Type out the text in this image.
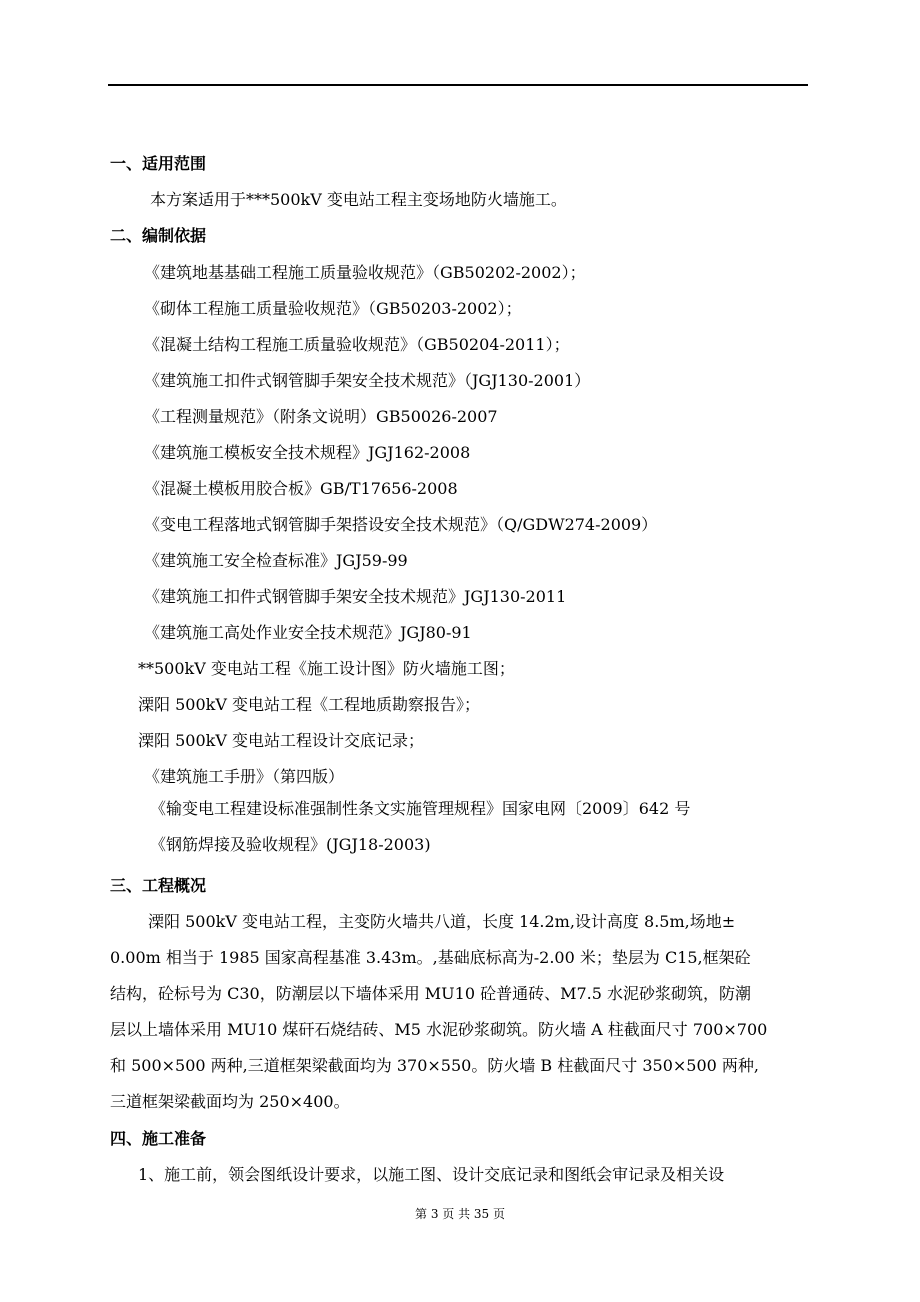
一、适用范围
本方案适用于***500kV 变电站工程主变场地防火墙施工。
二、编制依据
《建筑地基基础工程施工质量验收规范》（GB50202-2002）；
《砌体工程施工质量验收规范》（GB50203-2002）；
《混凝土结构工程施工质量验收规范》（GB50204-2011）；
《建筑施工扣件式钢管脚手架安全技术规范》（JGJ130-2001）
《工程测量规范》（附条文说明）GB50026-2007
《建筑施工模板安全技术规程》JGJ162-2008
《混凝土模板用胶合板》GB/T17656-2008
《变电工程落地式钢管脚手架搭设安全技术规范》（Q/GDW274-2009）
《建筑施工安全检查标准》JGJ59-99
《建筑施工扣件式钢管脚手架安全技术规范》JGJ130-2011
《建筑施工高处作业安全技术规范》JGJ80-91
**500kV 变电站工程《施工设计图》防火墙施工图；
溧阳 500kV 变电站工程《工程地质勘察报告》；
溧阳 500kV 变电站工程设计交底记录；
《建筑施工手册》（第四版）
《输变电工程建设标准强制性条文实施管理规程》国家电网〔2009〕642 号
《钢筋焊接及验收规程》(JGJ18-2003)
三、工程概况
溧阳 500kV 变电站工程，主变防火墙共八道，长度 14.2m,设计高度 8.5m,场地±
0.00m 相当于 1985 国家高程基准 3.43m。,基础底标高为-2.00 米；垫层为 C15,框架砼
结构，砼标号为 C30，防潮层以下墙体采用 MU10 砼普通砖、M7.5 水泥砂浆砌筑，防潮
层以上墙体采用 MU10 煤矸石烧结砖、M5 水泥砂浆砌筑。防火墙 A 柱截面尺寸 700×700
和 500×500 两种,三道框架梁截面均为 370×550。防火墙 B 柱截面尺寸 350×500 两种,
三道框架梁截面均为 250×400。
四、施工准备
1、施工前，领会图纸设计要求，以施工图、设计交底记录和图纸会审记录及相关设
第 3 页 共 35 页
